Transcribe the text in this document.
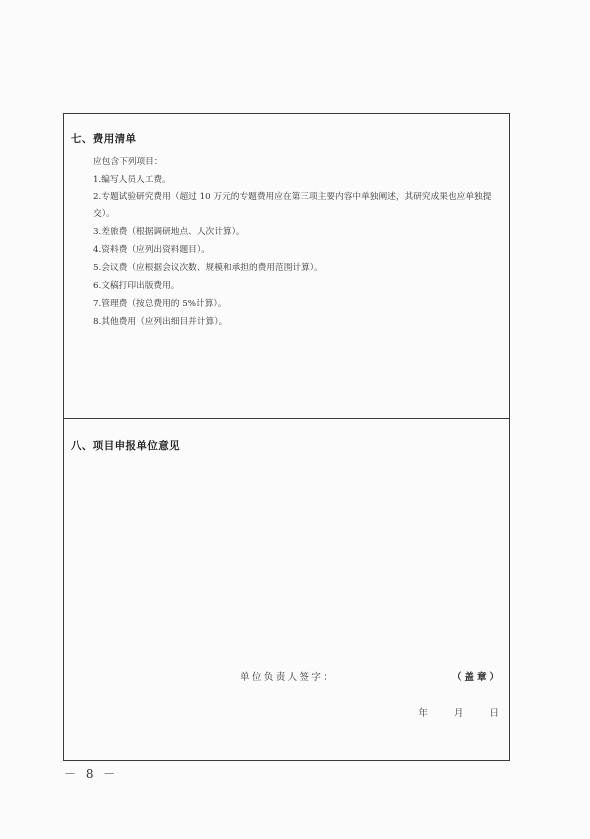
七、费用清单
应包含下列项目：
1.编写人员人工费。
2.专题试验研究费用（超过 10 万元的专题费用应在第三项主要内容中单独阐述，其研究成果也应单独提交）。
3.差旅费（根据调研地点、人次计算）。
4.资料费（应列出资料题目）。
5.会议费（应根据会议次数、规模和承担的费用范围计算）。
6.文稿打印出版费用。
7.管理费（按总费用的 5%计算）。
8.其他费用（应列出细目并计算）。
八、项目申报单位意见
单位负责人签字：	（盖章）
年	月	日
－ 8 －
